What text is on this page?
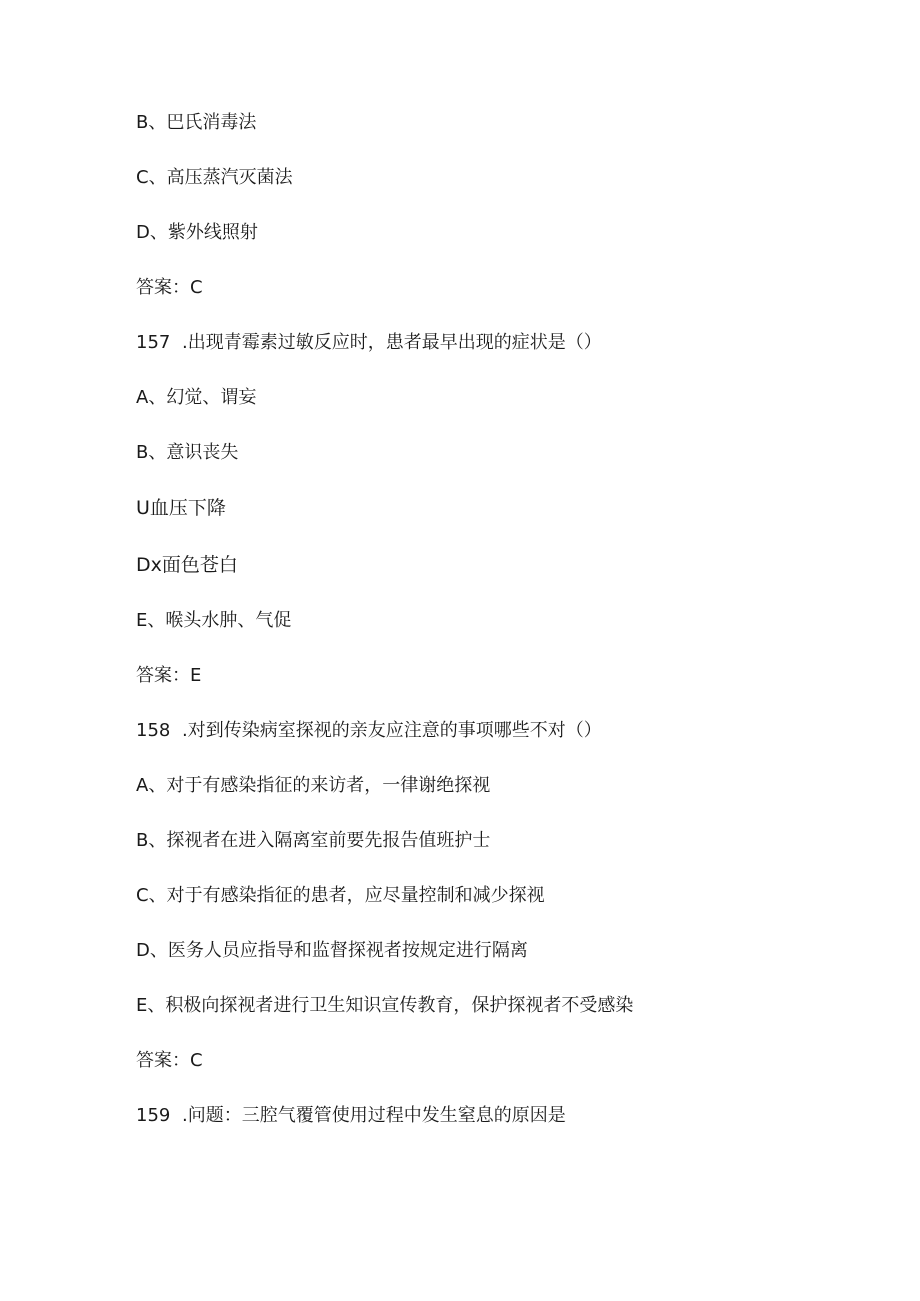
B、巴氏消毒法
C、高压蒸汽灭菌法
D、紫外线照射
答案：C
157 .出现青霉素过敏反应时，患者最早出现的症状是（）
A、幻觉、谓妄
B、意识丧失
U血压下降
Dx面色苍白
E、喉头水肿、气促
答案：E
158 .对到传染病室探视的亲友应注意的事项哪些不对（）
A、对于有感染指征的来访者，一律谢绝探视
B、探视者在进入隔离室前要先报告值班护士
C、对于有感染指征的患者，应尽量控制和减少探视
D、医务人员应指导和监督探视者按规定进行隔离
E、积极向探视者进行卫生知识宣传教育，保护探视者不受感染
答案：C
159 .问题：三腔气覆管使用过程中发生窒息的原因是
